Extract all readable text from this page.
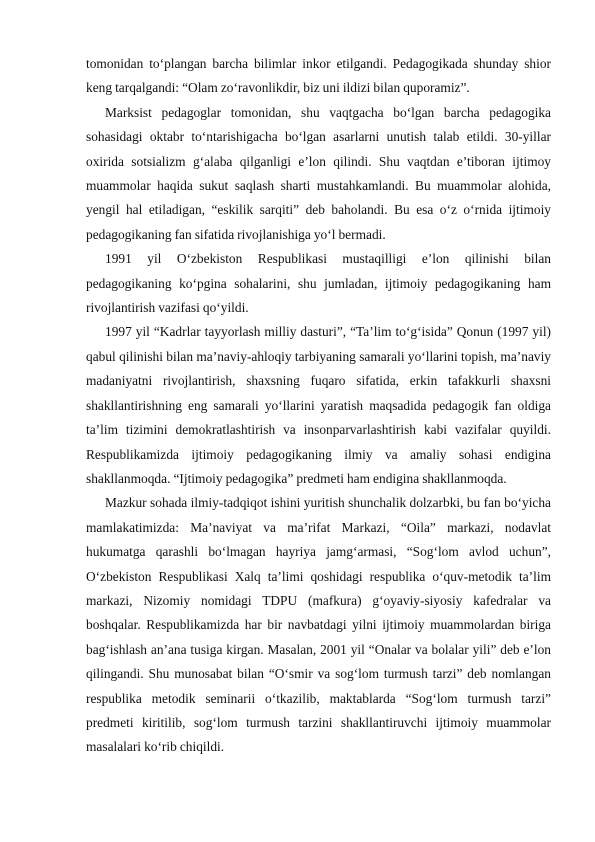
tomonidan to‘plangan barcha bilimlar inkor etilgandi. Pedagogikada shunday shior keng tarqalgandi: “Olam zo‘ravonlikdir, biz uni ildizi bilan quporamiz”.

Marksist pedagoglar tomonidan, shu vaqtgacha bo‘lgan barcha pedagogika sohasidagi oktabr to‘ntarishigacha bo‘lgan asarlarni unutish talab etildi. 30-yillar oxirida sotsializm g‘alaba qilganligi e’lon qilindi. Shu vaqtdan e’tiboran ijtimoy muammolar haqida sukut saqlash sharti mustahkamlandi. Bu muammolar alohida, yengil hal etiladigan, “eskilik sarqiti” deb baholandi. Bu esa o‘z o‘rnida ijtimoiy pedagogikaning fan sifatida rivojlanishiga yo‘l bermadi.

1991 yil O‘zbekiston Respublikasi mustaqilligi e’lon qilinishi bilan pedagogikaning ko‘pgina sohalarini, shu jumladan, ijtimoiy pedagogikaning ham rivojlantirish vazifasi qo‘yildi.

1997 yil “Kadrlar tayyorlash milliy dasturi”, “Ta’lim to‘g‘isida” Qonun (1997 yil) qabul qilinishi bilan ma’naviy-ahloqiy tarbiyaning samarali yo‘llarini topish, ma’naviy madaniyatni rivojlantirish, shaxsning fuqaro sifatida, erkin tafakkurli shaxsni shakllantirishning eng samarali yo‘llarini yaratish maqsadida pedagogik fan oldiga ta’lim tizimini demokratlashtirish va insonparvarlashtirish kabi vazifalar quyildi. Respublikamizda ijtimoiy pedagogikaning ilmiy va amaliy sohasi endigina shakllanmoqda. “Ijtimoiy pedagogika” predmeti ham endigina shakllanmoqda.

Mazkur sohada ilmiy-tadqiqot ishini yuritish shunchalik dolzarbki, bu fan bo‘yicha mamlakatimizda: Ma’naviyat va ma’rifat Markazi, “Oila” markazi, nodavlat hukumatga qarashli bo‘lmagan hayriya jamg‘armasi, “Sog‘lom avlod uchun”, O‘zbekiston Respublikasi Xalq ta’limi qoshidagi respublika o‘quv-metodik ta’lim markazi, Nizomiy nomidagi TDPU (mafkura) g‘oyaviy-siyosiy kafedralar va boshqalar. Respublikamizda har bir navbatdagi yilni ijtimoiy muammolardan biriga bag‘ishlash an’ana tusiga kirgan. Masalan, 2001 yil “Onalar va bolalar yili” deb e’lon qilingandi. Shu munosabat bilan “O‘smir va sog‘lom turmush tarzi” deb nomlangan respublika metodik seminarii o‘tkazilib, maktablarda “Sog‘lom turmush tarzi” predmeti kiritilib, sog‘lom turmush tarzini shakllantiruvchi ijtimoiy muammolar masalalari ko‘rib chiqildi.
